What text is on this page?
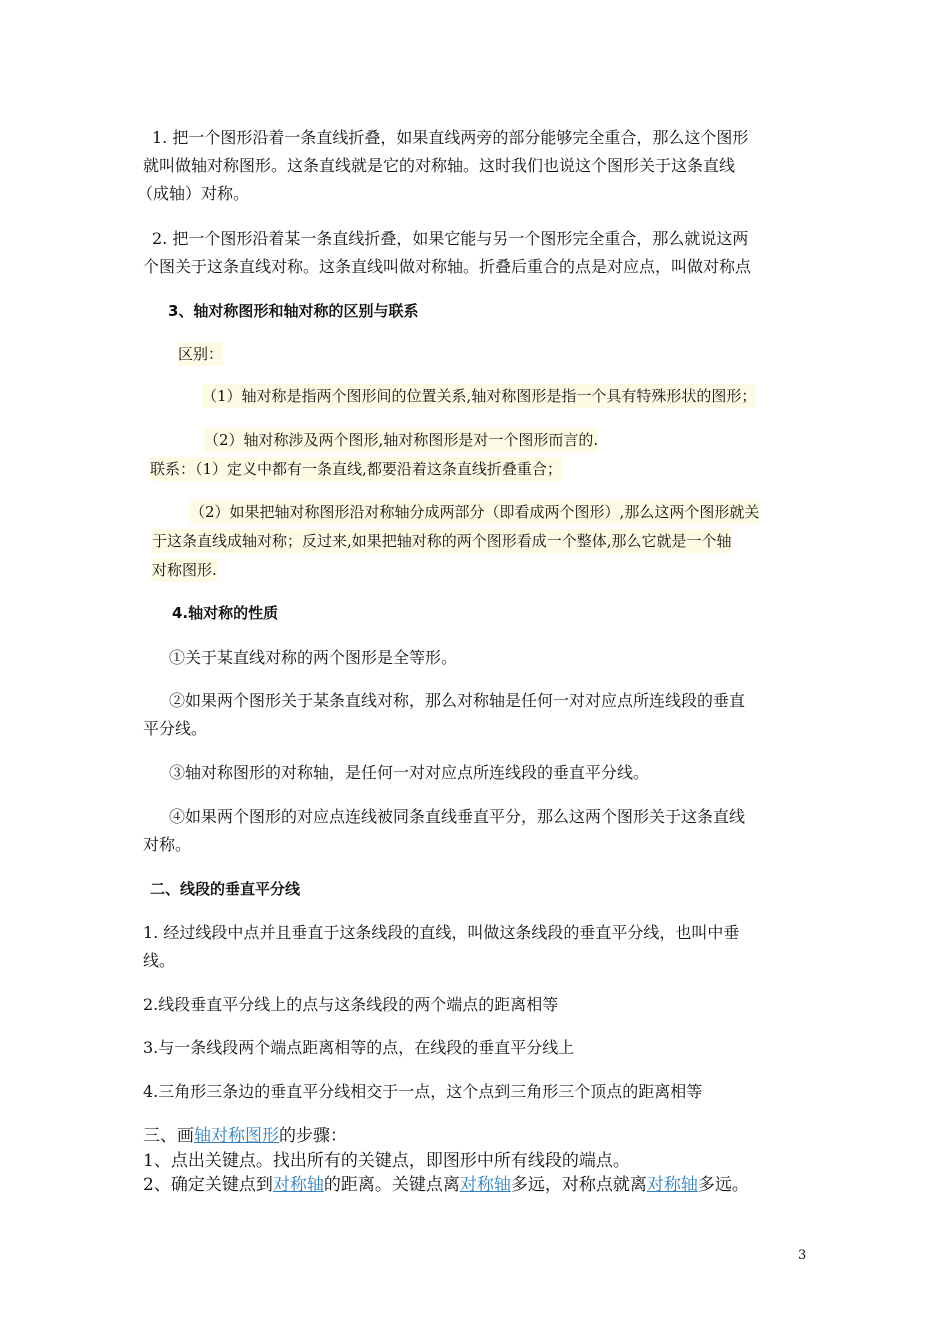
1. 把一个图形沿着一条直线折叠，如果直线两旁的部分能够完全重合，那么这个图形
就叫做轴对称图形。这条直线就是它的对称轴。这时我们也说这个图形关于这条直线
（成轴）对称。
2. 把一个图形沿着某一条直线折叠，如果它能与另一个图形完全重合，那么就说这两
个图关于这条直线对称。这条直线叫做对称轴。折叠后重合的点是对应点，叫做对称点
3、轴对称图形和轴对称的区别与联系
区别：
（1）轴对称是指两个图形间的位置关系,轴对称图形是指一个具有特殊形状的图形；
（2）轴对称涉及两个图形,轴对称图形是对一个图形而言的.
联系：（1）定义中都有一条直线,都要沿着这条直线折叠重合；
（2）如果把轴对称图形沿对称轴分成两部分（即看成两个图形）,那么这两个图形就关
于这条直线成轴对称；反过来,如果把轴对称的两个图形看成一个整体,那么它就是一个轴
对称图形.
4.轴对称的性质
①关于某直线对称的两个图形是全等形。
②如果两个图形关于某条直线对称，那么对称轴是任何一对对应点所连线段的垂直
平分线。
③轴对称图形的对称轴，是任何一对对应点所连线段的垂直平分线。
④如果两个图形的对应点连线被同条直线垂直平分，那么这两个图形关于这条直线
对称。
二、线段的垂直平分线
1. 经过线段中点并且垂直于这条线段的直线，叫做这条线段的垂直平分线，也叫中垂
线。
2.线段垂直平分线上的点与这条线段的两个端点的距离相等
3.与一条线段两个端点距离相等的点，在线段的垂直平分线上
4.三角形三条边的垂直平分线相交于一点，这个点到三角形三个顶点的距离相等
三、画轴对称图形的步骤：
1、点出关键点。找出所有的关键点，即图形中所有线段的端点。
2、确定关键点到对称轴的距离。关键点离对称轴多远，对称点就离对称轴多远。
3
